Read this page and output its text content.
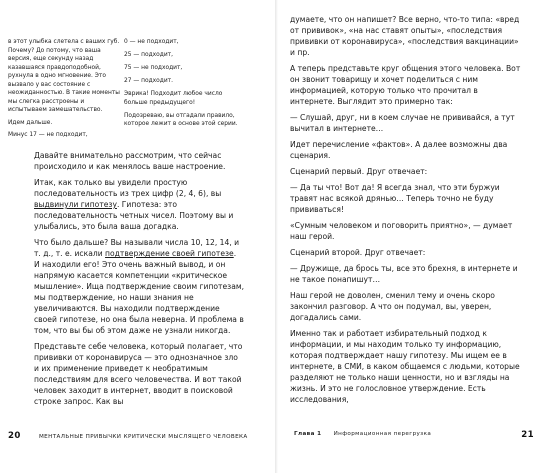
в этот улыбка слетела с ваших губ. Почему? До потому, что ваша версия, еще секунду назад казавшаяся правдоподобной, рухнула в одно мгновение. Это вызвало у вас состояние с неожиданностью. В такие моменты мы слегка расстроены и испытываем замешательство.

Идем дальше.

Минус 17 — не подходит,

0 — не подходит,

25 — подходит,

75 — не подходит,

27 — подходит.

Эврика! Подходит любое число больше предыдущего!

Подозреваю, вы отгадали правило, которое лежит в основе этой серии.

Давайте внимательно рассмотрим, что сейчас происходило и как менялось ваше настроение.

Итак, как только вы увидели простую последовательность из трех цифр (2, 4, 6), вы выдвинули гипотезу. Гипотеза: это последовательность четных чисел. Поэтому вы и улыбались, это была ваша догадка.

Что было дальше? Вы называли числа 10, 12, 14, и т. д., т. е. искали подтверждение своей гипотезе. И находили его! Это очень важный вывод, и он напрямую касается компетенции «критическое мышление». Ища подтверждение своим гипотезам, мы подтверждение, но наши знания не увеличиваются. Вы находили подтверждение своей гипотезе, но она была неверна. И проблема в том, что вы бы об этом даже не узнали никогда.

Представьте себе человека, который полагает, что прививки от коронавируса — это однозначное зло и их применение приведет к необратимым последствиям для всего человечества. И вот такой человек заходит в интернет, вводит в поисковой строке запрос. Как вы

20	МЕНТАЛЬНЫЕ ПРИВЫЧКИ КРИТИЧЕСКИ МЫСЛЯЩЕГО ЧЕЛОВЕКА

думаете, что он напишет? Все верно, что-то типа: «вред от прививок», «на нас ставят опыты», «последствия прививки от коронавируса», «последствия вакцинации» и пр.

А теперь представьте круг общения этого человека. Вот он звонит товарищу и хочет поделиться с ним информацией, которую только что прочитал в интернете. Выглядит это примерно так:

— Слушай, друг, ни в коем случае не прививайся, а тут вычитал в интернете…

Идет перечисление «фактов». А далее возможны два сценария.

Сценарий первый. Друг отвечает:

— Да ты что! Вот да! Я всегда знал, что эти буржуи травят нас всякой дрянью… Теперь точно не буду прививаться!

«Сумным человеком и поговорить приятно», — думает наш герой.

Сценарий второй. Друг отвечает:

— Дружище, да брось ты, все это брехня, в интернете и не такое понапишут…

Наш герой не доволен, сменил тему и очень скоро закончил разговор. А что он подумал, вы, уверен, догадались сами.

Именно так и работает избирательный подход к информации, и мы находим только ту информацию, которая подтверждает нашу гипотезу. Мы ищем ее в интернете, в СМИ, в каком общаемся с людьми, которые разделяют не только наши ценности, но и взгляды на жизнь. И это не голословное утверждение. Есть исследования,

Глава 1 Информационная перегрузка	21
